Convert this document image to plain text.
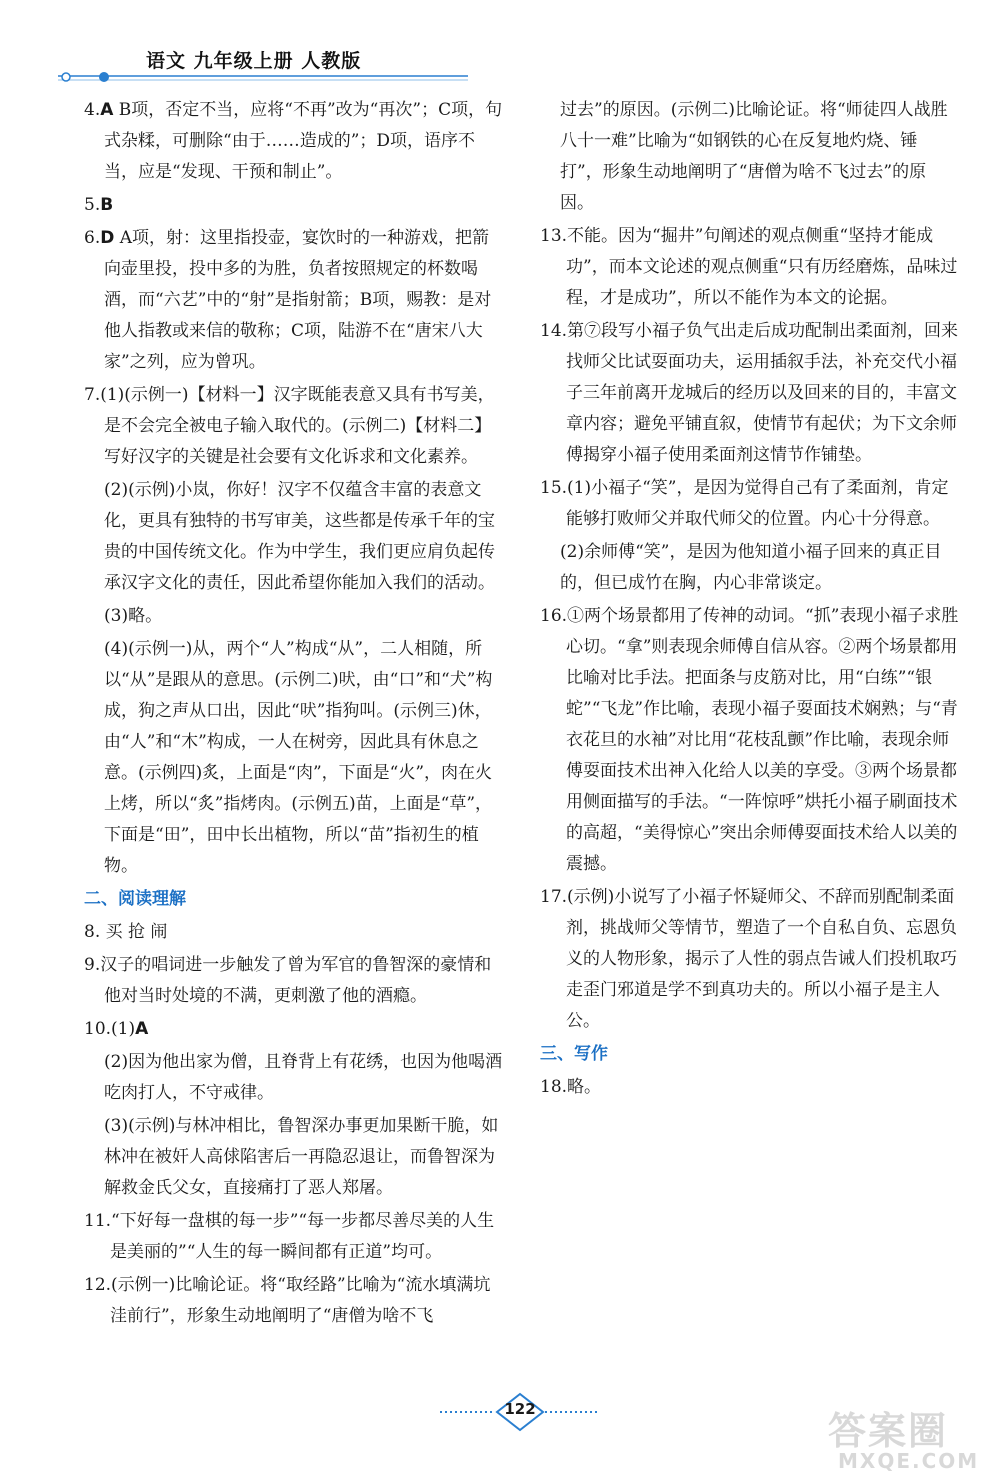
语文 九年级上册 人教版
4.A B项，否定不当，应将“不再”改为“再次”；C项，句式杂糅，可删除“由于……造成的”；D项，语序不当，应是“发现、干预和制止”。
5.B
6.D A项，射：这里指投壶，宴饮时的一种游戏，把箭向壶里投，投中多的为胜，负者按照规定的杯数喝酒，而“六艺”中的“射”是指射箭；B项，赐教：是对他人指教或来信的敬称；C项，陆游不在“唐宋八大家”之列，应为曾巩。
7.(1)(示例一)【材料一】汉字既能表意又具有书写美，是不会完全被电子输入取代的。(示例二)【材料二】写好汉字的关键是社会要有文化诉求和文化素养。
(2)(示例)小岚，你好！汉字不仅蕴含丰富的表意文化，更具有独特的书写审美，这些都是传承千年的宝贵的中国传统文化。作为中学生，我们更应肩负起传承汉字文化的责任，因此希望你能加入我们的活动。
(3)略。
(4)(示例一)从，两个“人”构成“从”，二人相随，所以“从”是跟从的意思。(示例二)吠，由“口”和“犬”构成，狗之声从口出，因此“吠”指狗叫。(示例三)休，由“人”和“木”构成，一人在树旁，因此具有休息之意。(示例四)炙，上面是“肉”，下面是“火”，肉在火上烤，所以“炙”指烤肉。(示例五)苗，上面是“草”，下面是“田”，田中长出植物，所以“苗”指初生的植物。
二、阅读理解
8. 买 抢 闹
9.汉子的唱词进一步触发了曾为军官的鲁智深的豪情和他对当时处境的不满，更刺激了他的酒瘾。
10.(1)A
(2)因为他出家为僧，且脊背上有花绣，也因为他喝酒吃肉打人，不守戒律。
(3)(示例)与林冲相比，鲁智深办事更加果断干脆，如林冲在被奸人高俅陷害后一再隐忍退让，而鲁智深为解救金氏父女，直接痛打了恶人郑屠。
11.“下好每一盘棋的每一步”“每一步都尽善尽美的人生是美丽的”“人生的每一瞬间都有正道”均可。
12.(示例一)比喻论证。将“取经路”比喻为“流水填满坑洼前行”，形象生动地阐明了“唐僧为啥不飞
过去”的原因。(示例二)比喻论证。将“师徒四人战胜八十一难”比喻为“如钢铁的心在反复地灼烧、锤打”，形象生动地阐明了“唐僧为啥不飞过去”的原因。
13.不能。因为“掘井”句阐述的观点侧重“坚持才能成功”，而本文论述的观点侧重“只有历经磨炼，品味过程，才是成功”，所以不能作为本文的论据。
14.第⑦段写小福子负气出走后成功配制出柔面剂，回来找师父比试耍面功夫，运用插叙手法，补充交代小福子三年前离开龙城后的经历以及回来的目的，丰富文章内容；避免平铺直叙，使情节有起伏；为下文余师傅揭穿小福子使用柔面剂这情节作铺垫。
15.(1)小福子“笑”，是因为觉得自己有了柔面剂，肯定能够打败师父并取代师父的位置。内心十分得意。
(2)余师傅“笑”，是因为他知道小福子回来的真正目的，但已成竹在胸，内心非常谈定。
16.①两个场景都用了传神的动词。“抓”表现小福子求胜心切。“拿”则表现余师傅自信从容。②两个场景都用比喻对比手法。把面条与皮筋对比，用“白练”“银蛇”“飞龙”作比喻，表现小福子耍面技术娴熟；与“青衣花旦的水袖”对比用“花枝乱颤”作比喻，表现余师傅耍面技术出神入化给人以美的享受。③两个场景都用侧面描写的手法。“一阵惊呼”烘托小福子刷面技术的高超，“美得惊心”突出余师傅耍面技术给人以美的震撼。
17.(示例)小说写了小福子怀疑师父、不辞而别配制柔面剂，挑战师父等情节，塑造了一个自私自负、忘恩负义的人物形象，揭示了人性的弱点告诫人们投机取巧走歪门邪道是学不到真功夫的。所以小福子是主人公。
三、写作
18.略。
122	答案圈
MXQE.COM
